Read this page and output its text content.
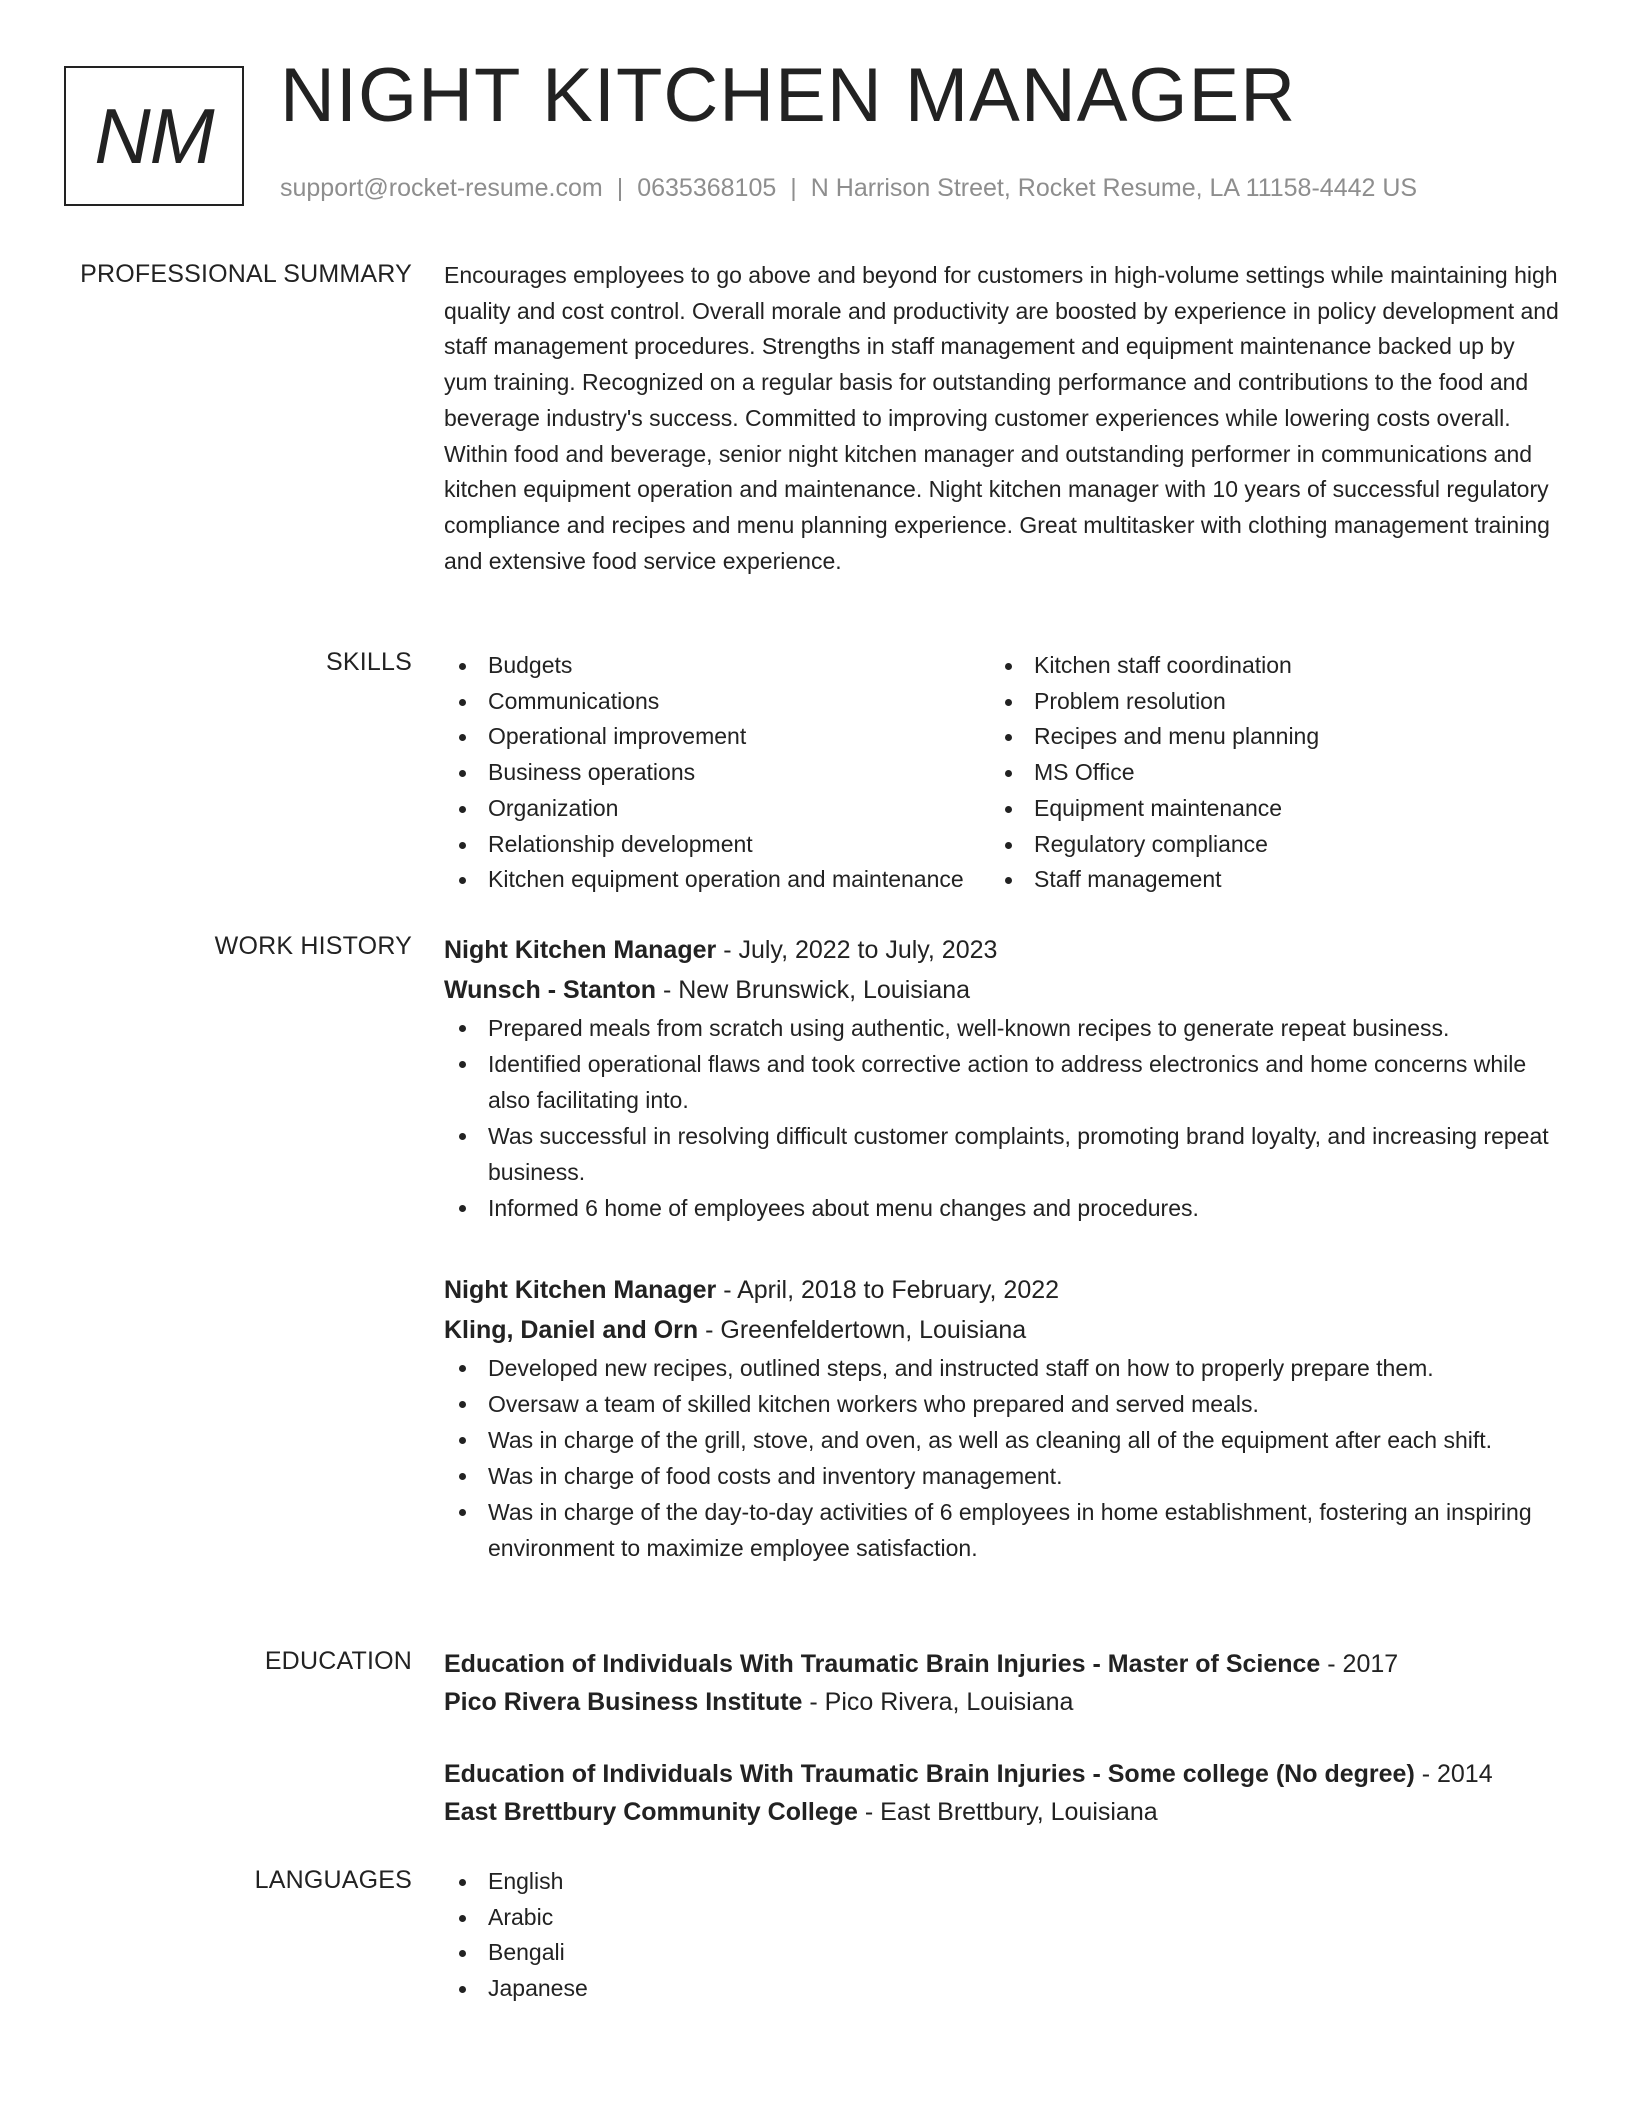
NM NIGHT KITCHEN MANAGER
support@rocket-resume.com | 0635368105 | N Harrison Street, Rocket Resume, LA 11158-4442 US
PROFESSIONAL SUMMARY Encourages employees to go above and beyond for customers in high-volume settings while maintaining high quality and cost control. Overall morale and productivity are boosted by experience in policy development and staff management procedures. Strengths in staff management and equipment maintenance backed up by yum training. Recognized on a regular basis for outstanding performance and contributions to the food and beverage industry's success. Committed to improving customer experiences while lowering costs overall. Within food and beverage, senior night kitchen manager and outstanding performer in communications and kitchen equipment operation and maintenance. Night kitchen manager with 10 years of successful regulatory compliance and recipes and menu planning experience. Great multitasker with clothing management training and extensive food service experience.

SKILLS	Budgets
Communications
Operational improvement
Business operations
Organization
Relationship development
Kitchen equipment operation and maintenance
Kitchen staff coordination
Problem resolution
Recipes and menu planning
MS Office
Equipment maintenance
Regulatory compliance
Staff management
WORK HISTORY Night Kitchen Manager - July, 2022 to July, 2023
Wunsch - Stanton - New Brunswick, Louisiana
Prepared meals from scratch using authentic, well-known recipes to generate repeat business.
Identified operational flaws and took corrective action to address electronics and home concerns while also facilitating into.
Was successful in resolving difficult customer complaints, promoting brand loyalty, and increasing repeat business.
Informed 6 home of employees about menu changes and procedures.
Night Kitchen Manager - April, 2018 to February, 2022
Kling, Daniel and Orn - Greenfeldertown, Louisiana
Developed new recipes, outlined steps, and instructed staff on how to properly prepare them.
Oversaw a team of skilled kitchen workers who prepared and served meals.
Was in charge of the grill, stove, and oven, as well as cleaning all of the equipment after each shift.
Was in charge of food costs and inventory management.
Was in charge of the day-to-day activities of 6 employees in home establishment, fostering an inspiring environment to maximize employee satisfaction.
EDUCATION Education of Individuals With Traumatic Brain Injuries - Master of Science - 2017
Pico Rivera Business Institute - Pico Rivera, Louisiana
Education of Individuals With Traumatic Brain Injuries - Some college (No degree) - 2014
East Brettbury Community College - East Brettbury, Louisiana
LANGUAGES	English
Arabic
Bengali
Japanese
